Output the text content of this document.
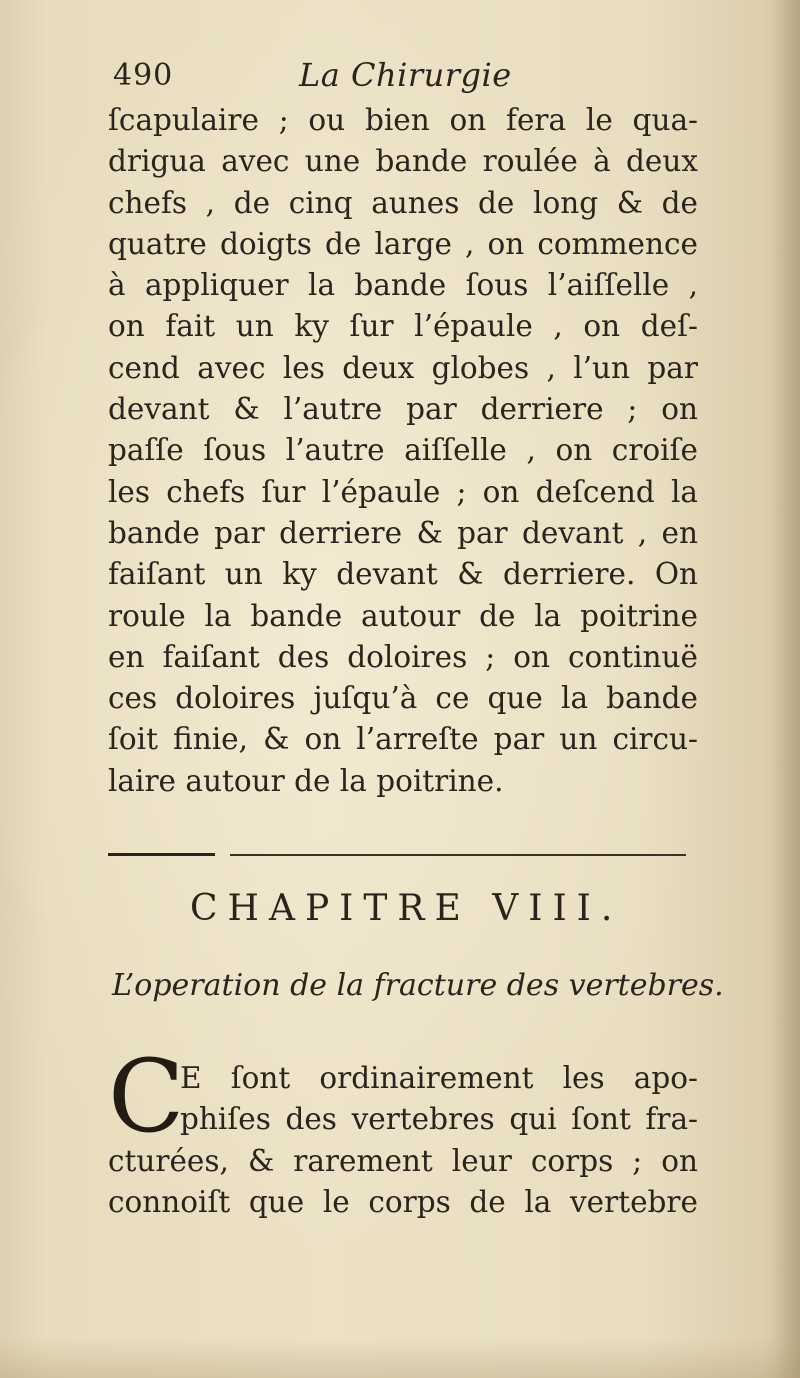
490	La Chirurgie
ſcapulaire ; ou bien on fera le qua-
drigua avec une bande roulée à deux
chefs , de cinq aunes de long & de
quatre doigts de large , on commence
à appliquer la bande ſous l’aiſſelle ,
on fait un ky ſur l’épaule , on deſ-
cend avec les deux globes , l’un par
devant & l’autre par derriere ; on
paſſe ſous l’autre aiſſelle , on croiſe
les chefs ſur l’épaule ; on deſcend la
bande par derriere & par devant , en
faiſant un ky devant & derriere. On
roule la bande autour de la poitrine
en faiſant des doloires ; on continuë
ces doloires juſqu’à ce que la bande
ſoit finie, & on l’arreſte par un circu-
laire autour de la poitrine.
CHAPITRE VIII.
L’operation de la fracture des vertebres.
C
E ſont ordinairement les apo-
phiſes des vertebres qui ſont fra-
cturées, & rarement leur corps ; on
connoiſt que le corps de la vertebre
